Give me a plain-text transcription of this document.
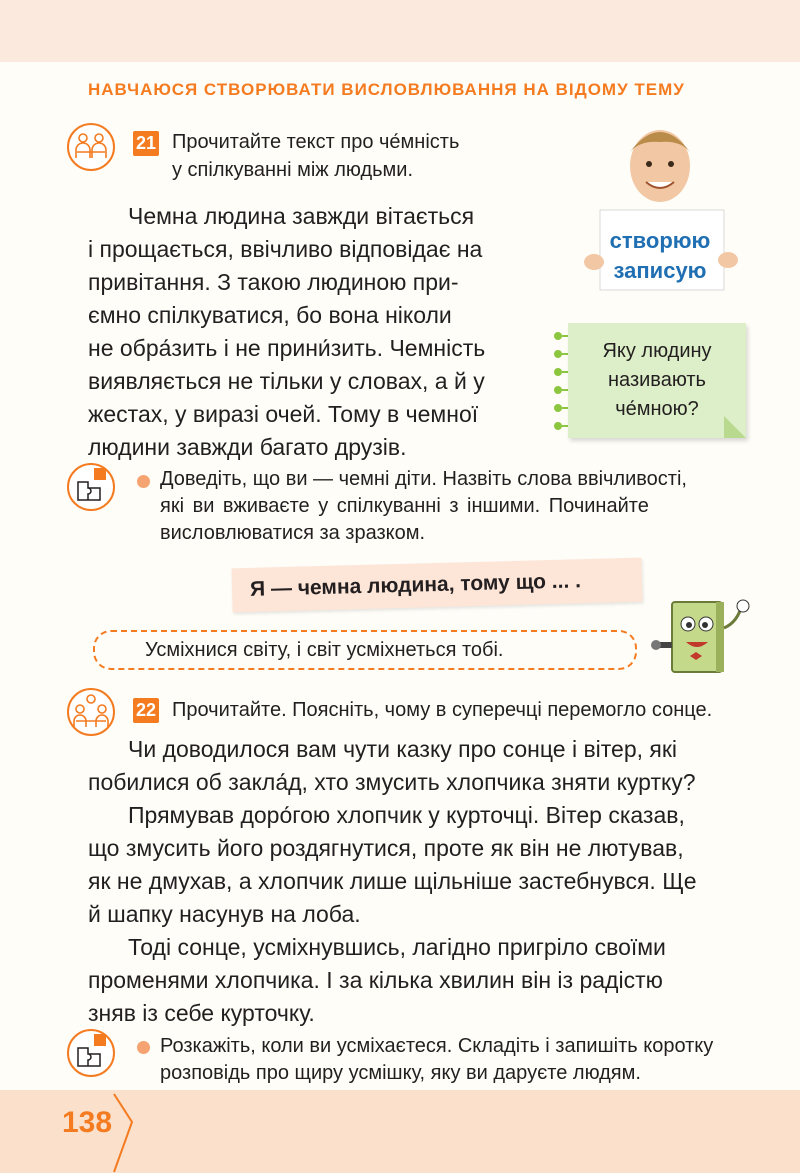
НАВЧАЮСЯ СТВОРЮВАТИ ВИСЛОВЛЮВАННЯ НА ВІДОМУ ТЕМУ
21 Прочитайте текст про че́мність
у спілкуванні між людьми.
Чемна людина завжди вітається
і прощається, ввічливо відповідає на
привітання. З такою людиною при-
ємно спілкуватися, бо вона ніколи
не обра́зить і не прини́зить. Чемність
виявляється не тільки у словах, а й у
жестах, у виразі очей. Тому в чемної
людини завжди багато друзів.
створюю
записую
Яку людину
називають
че́мною?
Доведіть, що ви — чемні діти. Назвіть слова ввічливості,
які ви вживаєте у спілкуванні з іншими. Починайте
висловлюватися за зразком.
Я — чемна людина, тому що ... .
Усміхнися світу, і світ усміхнеться тобі.
22 Прочитайте. Поясніть, чому в суперечці перемогло сонце.
Чи доводилося вам чути казку про сонце і вітер, які
побилися об закла́д, хто змусить хлопчика зняти куртку?
Прямував доро́гою хлопчик у курточці. Вітер сказав,
що змусить його роздягнутися, проте як він не лютував,
як не дмухав, а хлопчик лише щільніше застебнувся. Ще
й шапку насунув на лоба.
Тоді сонце, усміхнувшись, лагідно пригріло своїми
променями хлопчика. І за кілька хвилин він із радістю
зняв із себе курточку.
Розкажіть, коли ви усміхаєтеся. Складіть і запишіть коротку
розповідь про щиру усмішку, яку ви даруєте людям.
138
